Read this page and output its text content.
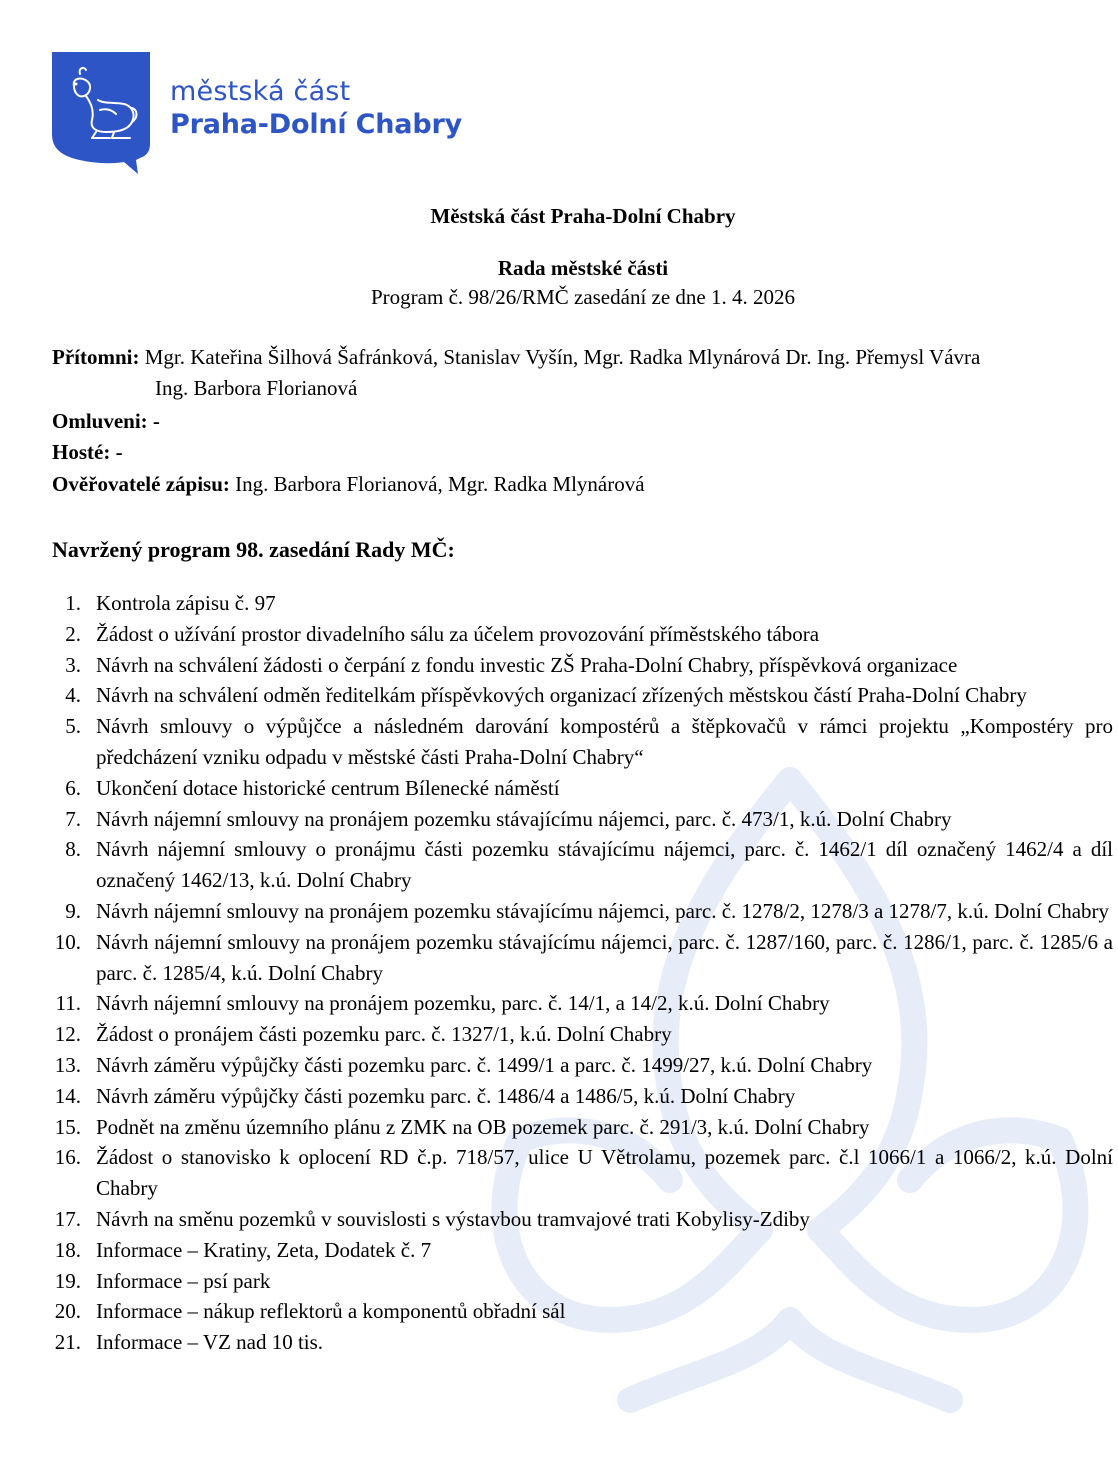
městská část
Praha-Dolní Chabry
Městská část Praha-Dolní Chabry
Rada městské části
Program č. 98/26/RMČ zasedání ze dne 1. 4. 2026
Přítomni: Mgr. Kateřina Šilhová Šafránková, Stanislav Vyšín, Mgr. Radka Mlynárová Dr. Ing. Přemysl Vávra
Ing. Barbora Florianová
Omluveni: -
Hosté: -
Ověřovatelé zápisu: Ing. Barbora Florianová, Mgr. Radka Mlynárová
Navržený program 98. zasedání Rady MČ:
1. Kontrola zápisu č. 97
2. Žádost o užívání prostor divadelního sálu za účelem provozování příměstského tábora
3. Návrh na schválení žádosti o čerpání z fondu investic ZŠ Praha-Dolní Chabry, příspěvková organizace
4. Návrh na schválení odměn ředitelkám příspěvkových organizací zřízených městskou částí Praha-Dolní Chabry
5. Návrh smlouvy o výpůjčce a následném darování kompostérů a štěpkovačů v rámci projektu „Kompostéry pro předcházení vzniku odpadu v městské části Praha-Dolní Chabry“
6. Ukončení dotace historické centrum Bílenecké náměstí
7. Návrh nájemní smlouvy na pronájem pozemku stávajícímu nájemci, parc. č. 473/1, k.ú. Dolní Chabry
8. Návrh nájemní smlouvy o pronájmu části pozemku stávajícímu nájemci, parc. č. 1462/1 díl označený 1462/4 a díl označený 1462/13, k.ú. Dolní Chabry
9. Návrh nájemní smlouvy na pronájem pozemku stávajícímu nájemci, parc. č. 1278/2, 1278/3 a 1278/7, k.ú. Dolní Chabry
10. Návrh nájemní smlouvy na pronájem pozemku stávajícímu nájemci, parc. č. 1287/160, parc. č. 1286/1, parc. č. 1285/6 a parc. č. 1285/4, k.ú. Dolní Chabry
11. Návrh nájemní smlouvy na pronájem pozemku, parc. č. 14/1, a 14/2, k.ú. Dolní Chabry
12. Žádost o pronájem části pozemku parc. č. 1327/1, k.ú. Dolní Chabry
13. Návrh záměru výpůjčky části pozemku parc. č. 1499/1 a parc. č. 1499/27, k.ú. Dolní Chabry
14. Návrh záměru výpůjčky části pozemku parc. č. 1486/4 a 1486/5, k.ú. Dolní Chabry
15. Podnět na změnu územního plánu z ZMK na OB pozemek parc. č. 291/3, k.ú. Dolní Chabry
16. Žádost o stanovisko k oplocení RD č.p. 718/57, ulice U Větrolamu, pozemek parc. č.l 1066/1 a 1066/2, k.ú. Dolní Chabry
17. Návrh na směnu pozemků v souvislosti s výstavbou tramvajové trati Kobylisy-Zdiby
18. Informace – Kratiny, Zeta, Dodatek č. 7
19. Informace – psí park
20. Informace – nákup reflektorů a komponentů obřadní sál
21. Informace – VZ nad 10 tis.
